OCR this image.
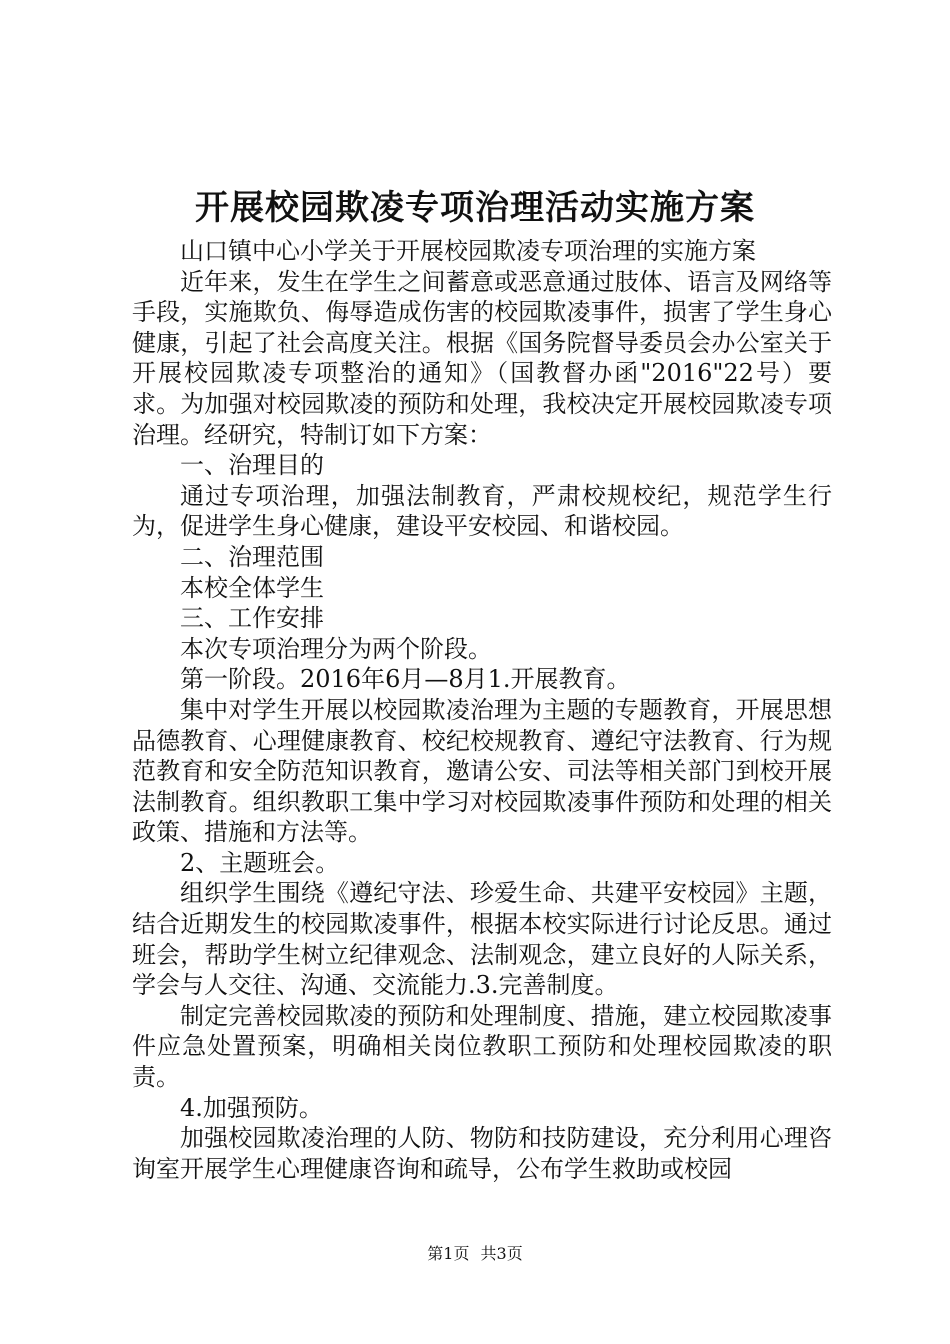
开展校园欺凌专项治理活动实施方案

山口镇中心小学关于开展校园欺凌专项治理的实施方案

近年来，发生在学生之间蓄意或恶意通过肢体、语言及网络等手段，实施欺负、侮辱造成伤害的校园欺凌事件，损害了学生身心健康，引起了社会高度关注。根据《国务院督导委员会办公室关于开展校园欺凌专项整治的通知》（国教督办函"2016"22号）要求。为加强对校园欺凌的预防和处理，我校决定开展校园欺凌专项治理。经研究，特制订如下方案：

一、治理目的

通过专项治理，加强法制教育，严肃校规校纪，规范学生行为，促进学生身心健康，建设平安校园、和谐校园。

二、治理范围

本校全体学生

三、工作安排

本次专项治理分为两个阶段。

第一阶段。2016年6月—8月1.开展教育。

集中对学生开展以校园欺凌治理为主题的专题教育，开展思想品德教育、心理健康教育、校纪校规教育、遵纪守法教育、行为规范教育和安全防范知识教育，邀请公安、司法等相关部门到校开展法制教育。组织教职工集中学习对校园欺凌事件预防和处理的相关政策、措施和方法等。

2、主题班会。

组织学生围绕《遵纪守法、珍爱生命、共建平安校园》主题，结合近期发生的校园欺凌事件，根据本校实际进行讨论反思。通过班会，帮助学生树立纪律观念、法制观念，建立良好的人际关系，学会与人交往、沟通、交流能力.3.完善制度。

制定完善校园欺凌的预防和处理制度、措施，建立校园欺凌事件应急处置预案，明确相关岗位教职工预防和处理校园欺凌的职责。

4.加强预防。

加强校园欺凌治理的人防、物防和技防建设，充分利用心理咨询室开展学生心理健康咨询和疏导，公布学生救助或校园

第1页 共3页
